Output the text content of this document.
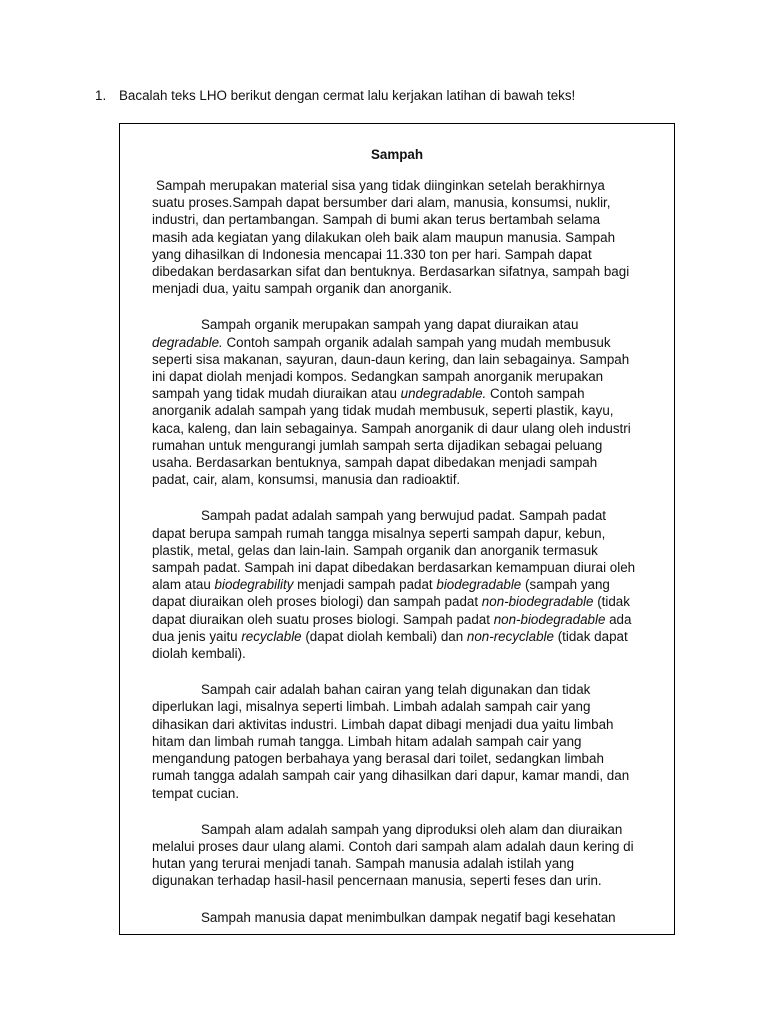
1. Bacalah teks LHO berikut dengan cermat lalu kerjakan latihan di bawah teks!
Sampah
Sampah merupakan material sisa yang tidak diinginkan setelah berakhirnya
suatu proses.Sampah dapat bersumber dari alam, manusia, konsumsi, nuklir,
industri, dan pertambangan. Sampah di bumi akan terus bertambah selama
masih ada kegiatan yang dilakukan oleh baik alam maupun manusia. Sampah
yang dihasilkan di Indonesia mencapai 11.330 ton per hari. Sampah dapat
dibedakan berdasarkan sifat dan bentuknya. Berdasarkan sifatnya, sampah bagi
menjadi dua, yaitu sampah organik dan anorganik.
Sampah organik merupakan sampah yang dapat diuraikan atau
degradable. Contoh sampah organik adalah sampah yang mudah membusuk
seperti sisa makanan, sayuran, daun-daun kering, dan lain sebagainya. Sampah
ini dapat diolah menjadi kompos. Sedangkan sampah anorganik merupakan
sampah yang tidak mudah diuraikan atau undegradable. Contoh sampah
anorganik adalah sampah yang tidak mudah membusuk, seperti plastik, kayu,
kaca, kaleng, dan lain sebagainya. Sampah anorganik di daur ulang oleh industri
rumahan untuk mengurangi jumlah sampah serta dijadikan sebagai peluang
usaha. Berdasarkan bentuknya, sampah dapat dibedakan menjadi sampah
padat, cair, alam, konsumsi, manusia dan radioaktif.
Sampah padat adalah sampah yang berwujud padat. Sampah padat
dapat berupa sampah rumah tangga misalnya seperti sampah dapur, kebun,
plastik, metal, gelas dan lain-lain. Sampah organik dan anorganik termasuk
sampah padat. Sampah ini dapat dibedakan berdasarkan kemampuan diurai oleh
alam atau biodegrability menjadi sampah padat biodegradable (sampah yang
dapat diuraikan oleh proses biologi) dan sampah padat non-biodegradable (tidak
dapat diuraikan oleh suatu proses biologi. Sampah padat non-biodegradable ada
dua jenis yaitu recyclable (dapat diolah kembali) dan non-recyclable (tidak dapat
diolah kembali).
Sampah cair adalah bahan cairan yang telah digunakan dan tidak
diperlukan lagi, misalnya seperti limbah. Limbah adalah sampah cair yang
dihasikan dari aktivitas industri. Limbah dapat dibagi menjadi dua yaitu limbah
hitam dan limbah rumah tangga. Limbah hitam adalah sampah cair yang
mengandung patogen berbahaya yang berasal dari toilet, sedangkan limbah
rumah tangga adalah sampah cair yang dihasilkan dari dapur, kamar mandi, dan
tempat cucian.
Sampah alam adalah sampah yang diproduksi oleh alam dan diuraikan
melalui proses daur ulang alami. Contoh dari sampah alam adalah daun kering di
hutan yang terurai menjadi tanah. Sampah manusia adalah istilah yang
digunakan terhadap hasil-hasil pencernaan manusia, seperti feses dan urin.
Sampah manusia dapat menimbulkan dampak negatif bagi kesehatan
